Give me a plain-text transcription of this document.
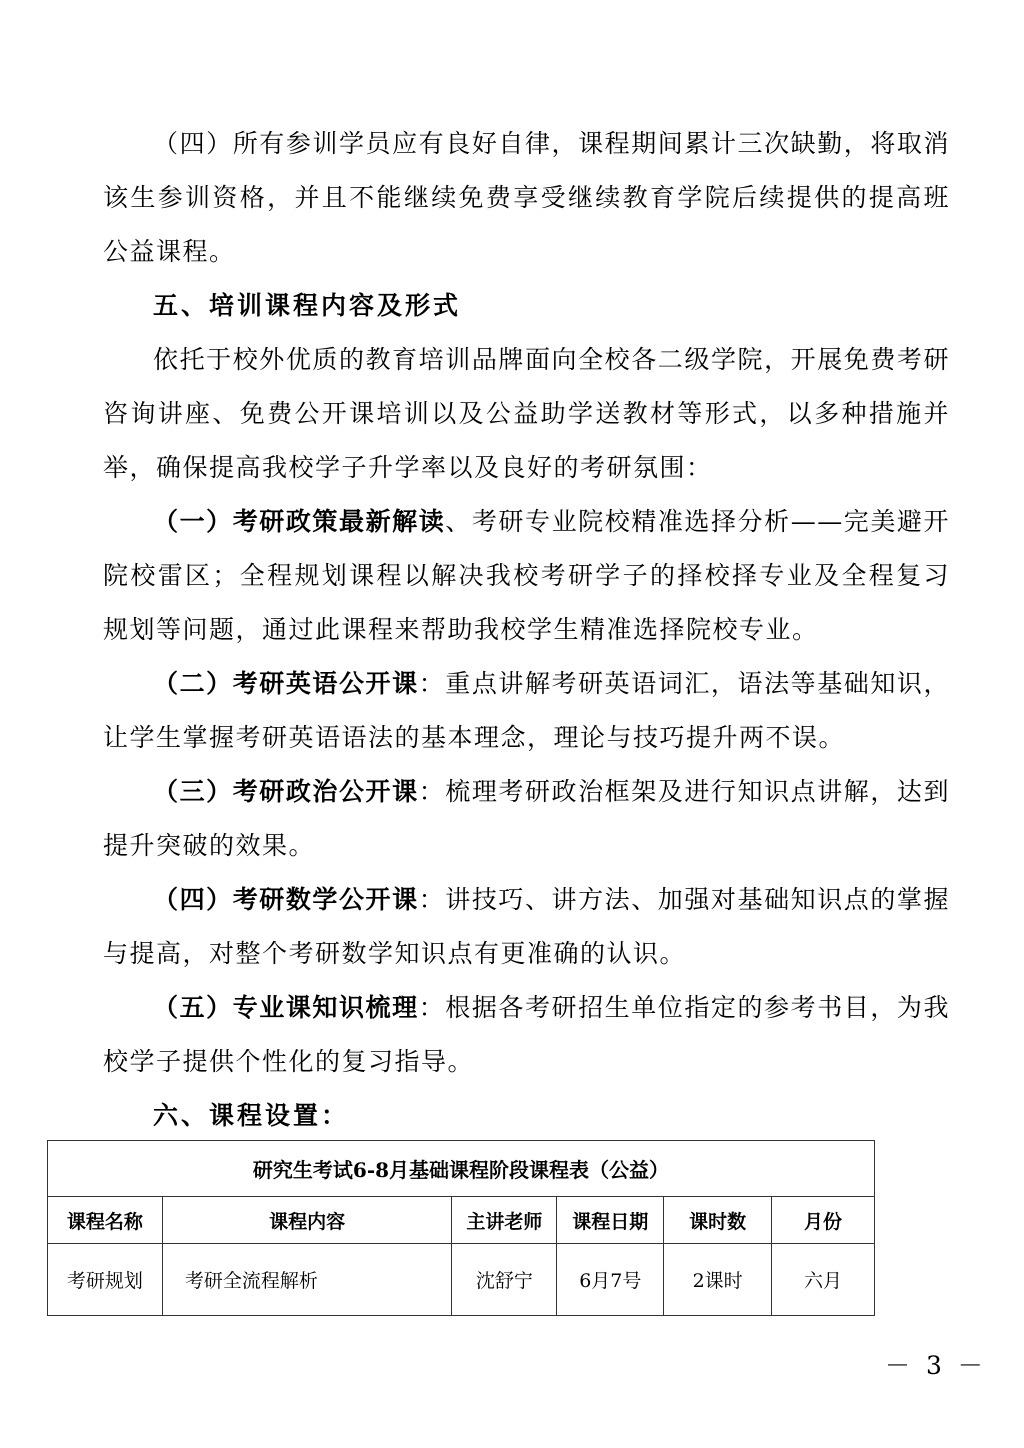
（四）所有参训学员应有良好自律，课程期间累计三次缺勤，将取消该生参训资格，并且不能继续免费享受继续教育学院后续提供的提高班公益课程。

五、培训课程内容及形式

依托于校外优质的教育培训品牌面向全校各二级学院，开展免费考研咨询讲座、免费公开课培训以及公益助学送教材等形式，以多种措施并举，确保提高我校学子升学率以及良好的考研氛围：

（一）考研政策最新解读、考研专业院校精准选择分析——完美避开院校雷区；全程规划课程以解决我校考研学子的择校择专业及全程复习规划等问题，通过此课程来帮助我校学生精准选择院校专业。

（二）考研英语公开课：重点讲解考研英语词汇，语法等基础知识，让学生掌握考研英语语法的基本理念，理论与技巧提升两不误。

（三）考研政治公开课：梳理考研政治框架及进行知识点讲解，达到提升突破的效果。

（四）考研数学公开课：讲技巧、讲方法、加强对基础知识点的掌握与提高，对整个考研数学知识点有更准确的认识。

（五）专业课知识梳理：根据各考研招生单位指定的参考书目，为我校学子提供个性化的复习指导。

六、课程设置：

研究生考试6-8月基础课程阶段课程表（公益）					
课程名称	课程内容	主讲老师	课程日期	课时数	月份
考研规划	考研全流程解析	沈舒宁	6月7号	2课时	六月
－ 3 －
